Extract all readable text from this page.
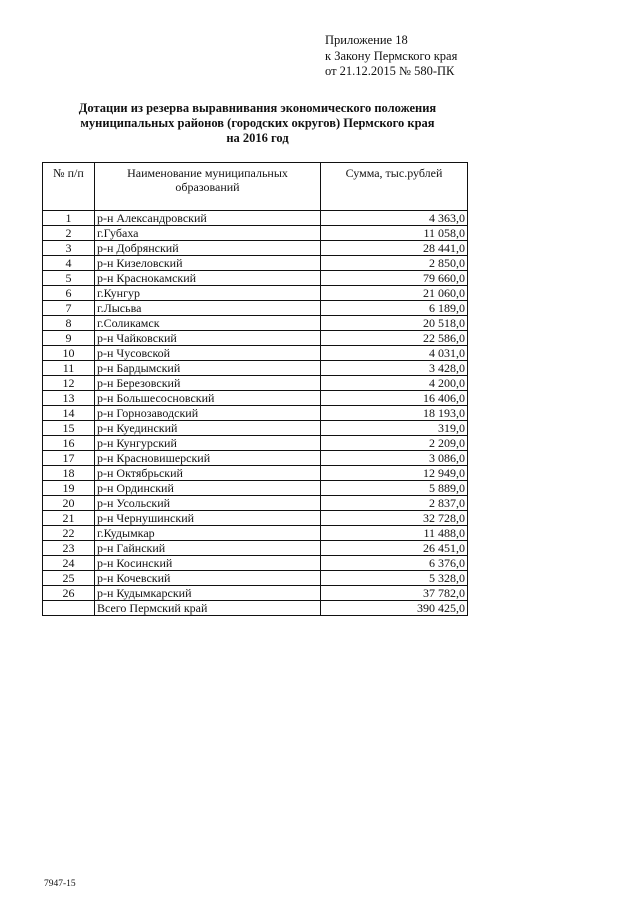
Приложение 18
к Закону Пермского края
от 21.12.2015 № 580-ПК
Дотации из резерва выравнивания экономического положения
муниципальных районов (городских округов) Пермского края
на 2016 год
№ п/п	Наименование муниципальных образований	Сумма, тыс.рублей
1	р-н Александровский	4 363,0
2	г.Губаха	11 058,0
3	р-н Добрянский	28 441,0
4	р-н Кизеловский	2 850,0
5	р-н Краснокамский	79 660,0
6	г.Кунгур	21 060,0
7	г.Лысьва	6 189,0
8	г.Соликамск	20 518,0
9	р-н Чайковский	22 586,0
10	р-н Чусовской	4 031,0
11	р-н Бардымский	3 428,0
12	р-н Березовский	4 200,0
13	р-н Большесосновский	16 406,0
14	р-н Горнозаводский	18 193,0
15	р-н Куединский	319,0
16	р-н Кунгурский	2 209,0
17	р-н Красновишерский	3 086,0
18	р-н Октябрьский	12 949,0
19	р-н Ординский	5 889,0
20	р-н Усольский	2 837,0
21	р-н Чернушинский	32 728,0
22	г.Кудымкар	11 488,0
23	р-н Гайнский	26 451,0
24	р-н Косинский	6 376,0
25	р-н Кочевский	5 328,0
26	р-н Кудымкарский	37 782,0
	Всего Пермский край	390 425,0
7947-15
